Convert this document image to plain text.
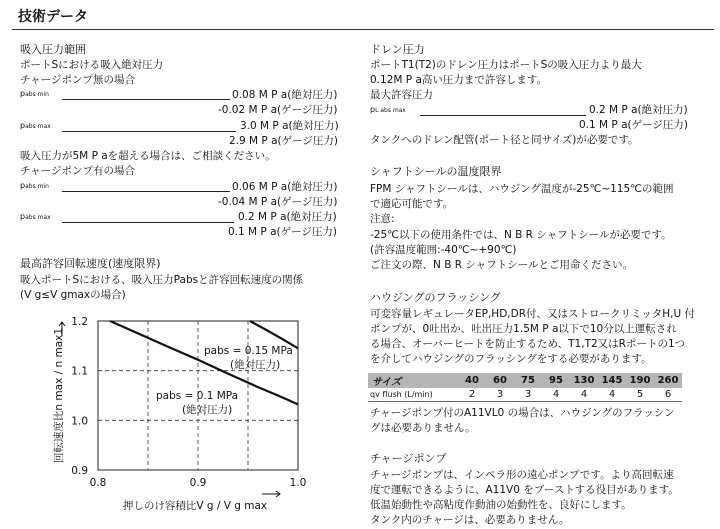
技術データ
吸入圧力範囲
ポートSにおける吸入絶対圧力
チャージポンプ無の場合
pabs min	0.08 M P a(絶対圧力)
-0.02 M P a(ゲージ圧力)
pabs max	3.0 M P a(絶対圧力)
2.9 M P a(ゲージ圧力)
吸入圧力が5M P aを超える場合は、ご相談ください。
チャージポンプ有の場合
pabs min	0.06 M P a(絶対圧力)
-0.04 M P a(ゲージ圧力)
pabs max	0.2 M P a(絶対圧力)
0.1 M P a(ゲージ圧力)
最高許容回転速度(速度限界)
吸入ポートSにおける、吸入圧力Pabsと許容回転速度の関係
(V g≤V gmaxの場合)
0.8	0.9	1.0
0.9
1.0
1.1
1.2
pabs = 0.15 MPa
(絶対圧力)
pabs = 0.1 MPa
(絶対圧力)
押しのけ容積比V g / V g max
回転速度比n max / n max1
ドレン圧力
ポートT1(T2)のドレン圧力はポートSの吸入圧力より最大
0.12M P a高い圧力まで許容します。
最大許容圧力
pL abs max	0.2 M P a(絶対圧力)
0.1 M P a(ゲージ圧力)
タンクへのドレン配管(ポート径と同サイズ)が必要です。
シャフトシールの温度限界
FPM シャフトシールは、ハウジング温度が-25℃~115℃の範囲
で適応可能です。
注意:
-25℃以下の使用条件では、N B R シャフトシールが必要です。
(許容温度範囲:-40℃~+90℃)
ご注文の際、N B R シャフトシールとご用命ください。
ハウジングのフラッシング
可変容量レギュレータEP,HD,DR付、又はストロークリミッタH,U 付
ポンプが、0吐出か、吐出圧力1.5M P a以下で10分以上運転され
る場合、オーバーヒートを防止するため、T1,T2又はRポートの1つ
を介してハウジングのフラッシングをする必要があります。
サイズ	40	60	75	95	130	145	190	260
qv flush (L/min)	2	3	3	4	4	4	5	6
チャージポンプ付のA11VL0 の場合は、ハウジングのフラッシン
グは必要ありません。
チャージポンプ
チャージポンプは、インペラ形の遠心ポンプです。より高回転速
度で運転できるように、A11V0 をブーストする役目があります。
低温始動性や高粘度作動油の始動性を、良好にします。
タンク内のチャージは、必要ありません。
